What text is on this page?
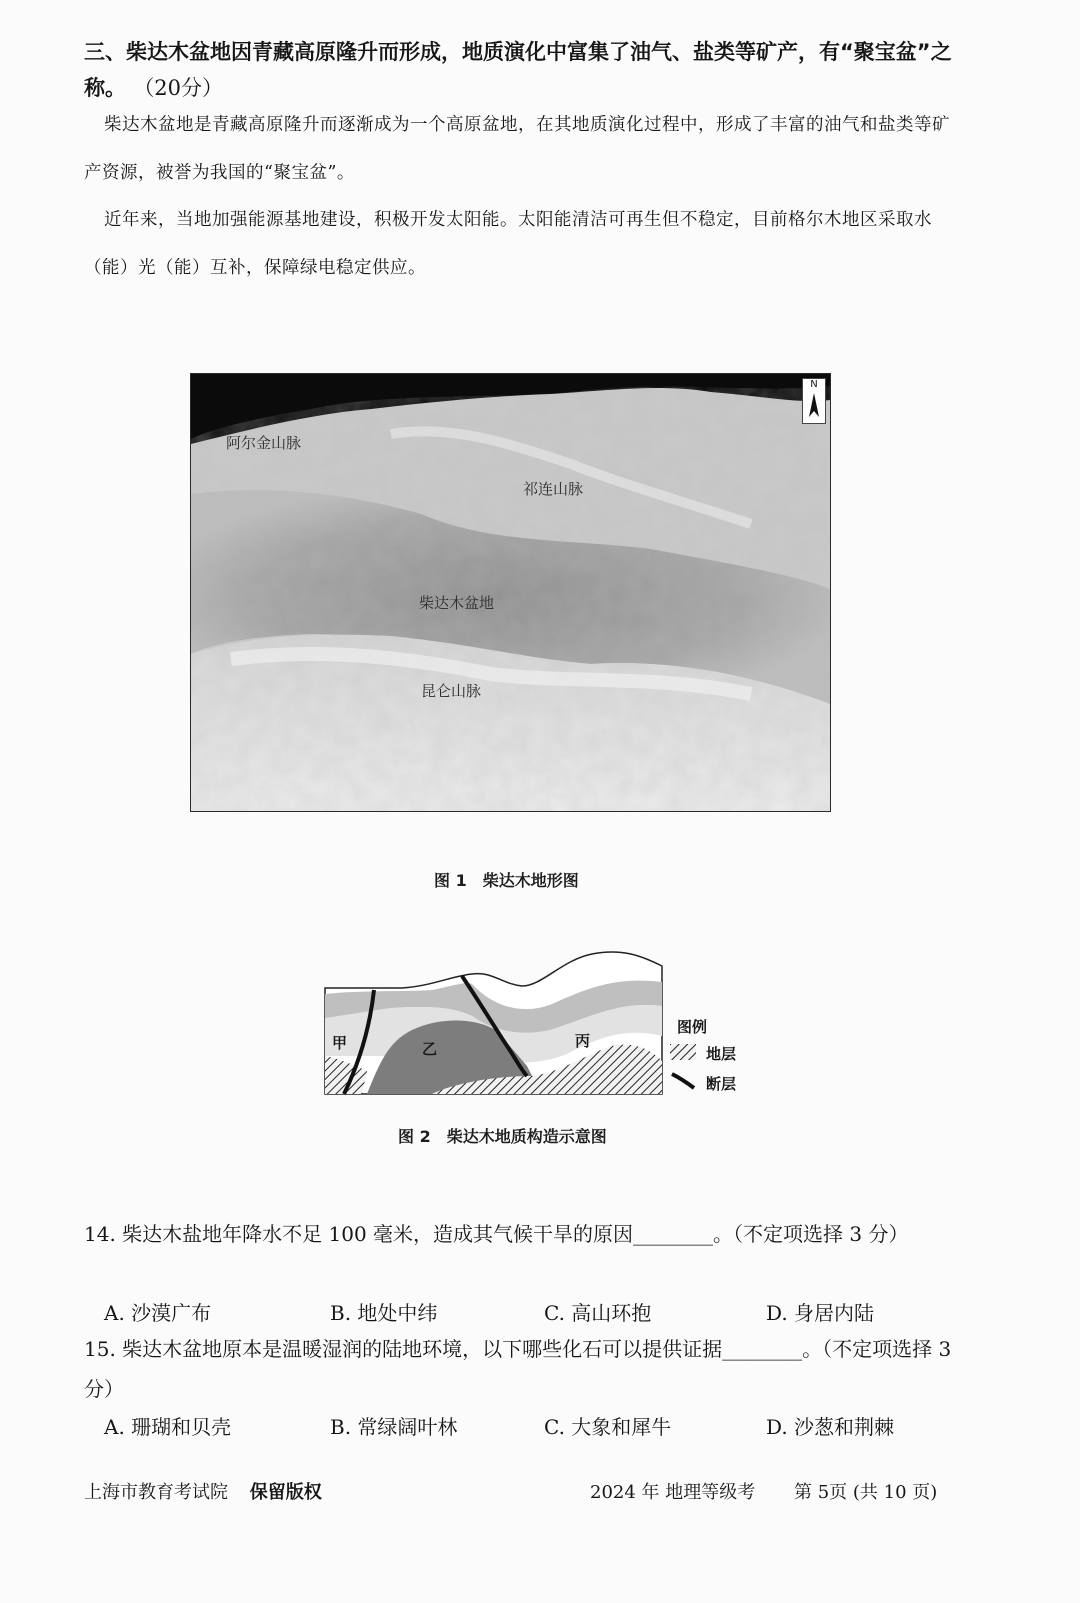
三、柴达木盆地因青藏高原隆升而形成，地质演化中富集了油气、盐类等矿产，有“聚宝盆”之称。 （20分）
柴达木盆地是青藏高原隆升而逐渐成为一个高原盆地，在其地质演化过程中，形成了丰富的油气和盐类等矿产资源，被誉为我国的“聚宝盆”。
近年来，当地加强能源基地建设，积极开发太阳能。太阳能清洁可再生但不稳定，目前格尔木地区采取水（能）光（能）互补，保障绿电稳定供应。
N
阿尔金山脉
祁连山脉
柴达木盆地
昆仑山脉
图 1　柴达木地形图
甲	乙	丙
图例
地层
断层
图 2　柴达木地质构造示意图
14. 柴达木盐地年降水不足 100 毫米，造成其气候干旱的原因________。（不定项选择 3 分）
A. 沙漠广布	B. 地处中纬	C. 高山环抱	D. 身居内陆
15. 柴达木盆地原本是温暖湿润的陆地环境，以下哪些化石可以提供证据________。（不定项选择 3 分）
A. 珊瑚和贝壳	B. 常绿阔叶林	C. 大象和犀牛	D. 沙葱和荆棘
上海市教育考试院 保留版权	2024 年 地理等级考 第 5页 (共 10 页)
